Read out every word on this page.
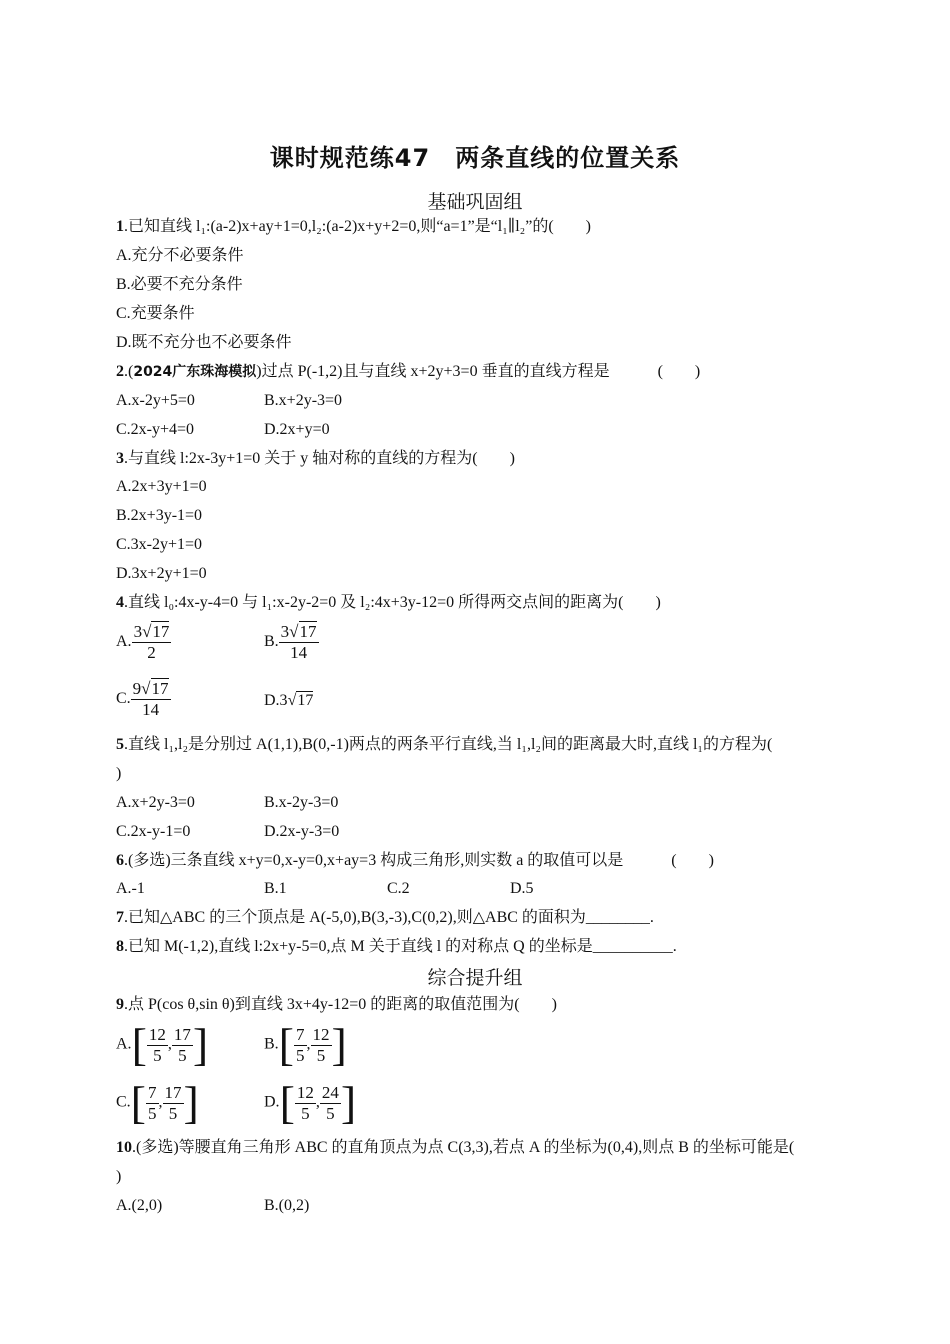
课时规范练47　两条直线的位置关系
基础巩固组
1.已知直线 l₁:(a-2)x+ay+1=0,l₂:(a-2)x+y+2=0,则“a=1”是“l₁∥l₂”的(　　)
A.充分不必要条件
B.必要不充分条件
C.充要条件
D.既不充分也不必要条件
2.(2024广东珠海模拟)过点 P(-1,2)且与直线 x+2y+3=0 垂直的直线方程是　　　(　　)
A.x-2y+5=0	B.x+2y-3=0
C.2x-y+4=0	D.2x+y=0
3.与直线 l:2x-3y+1=0 关于 y 轴对称的直线的方程为(　　)
A.2x+3y+1=0
B.2x+3y-1=0
C.3x-2y+1=0
D.3x+2y+1=0
4.直线 l₀:4x-y-4=0 与 l₁:x-2y-2=0 及 l₂:4x+3y-12=0 所得两交点间的距离为(　　)
A. $\frac{3√17}{2}$	B. $\frac{3√17}{14}$
C. $\frac{9√17}{14}$	D.3√17
5.直线 l₁,l₂是分别过 A(1,1),B(0,-1)两点的两条平行直线,当 l₁,l₂间的距离最大时,直线 l₁的方程为(
)
A.x+2y-3=0	B.x-2y-3=0
C.2x-y-1=0	D.2x-y-3=0
6.(多选)三条直线 x+y=0,x-y=0,x+ay=3 构成三角形,则实数 a 的取值可以是　　　(　　)
A.-1	B.1	C.2	D.5
7.已知△ABC 的三个顶点是 A(-5,0),B(3,-3),C(0,2),则△ABC 的面积为________.
8.已知 M(-1,2),直线 l:2x+y-5=0,点 M 关于直线 l 的对称点 Q 的坐标是__________.
综合提升组
9.点 P(cos θ,sin θ)到直线 3x+4y-12=0 的距离的取值范围为(　　)
$A.[ \frac{12}{5}$ , $\frac{17}{5}$ ]	$B.[ \frac{7}{5}$ , $\frac{12}{5}$ ]
$C.[ \frac{7}{5}$ , $\frac{17}{5}$ ]	$D.[ \frac{12}{5}$ , $\frac{24}{5}$ ]
10.(多选)等腰直角三角形 ABC 的直角顶点为点 C(3,3),若点 A 的坐标为(0,4),则点 B 的坐标可能是(
)
A.(2,0)	B.(0,2)
